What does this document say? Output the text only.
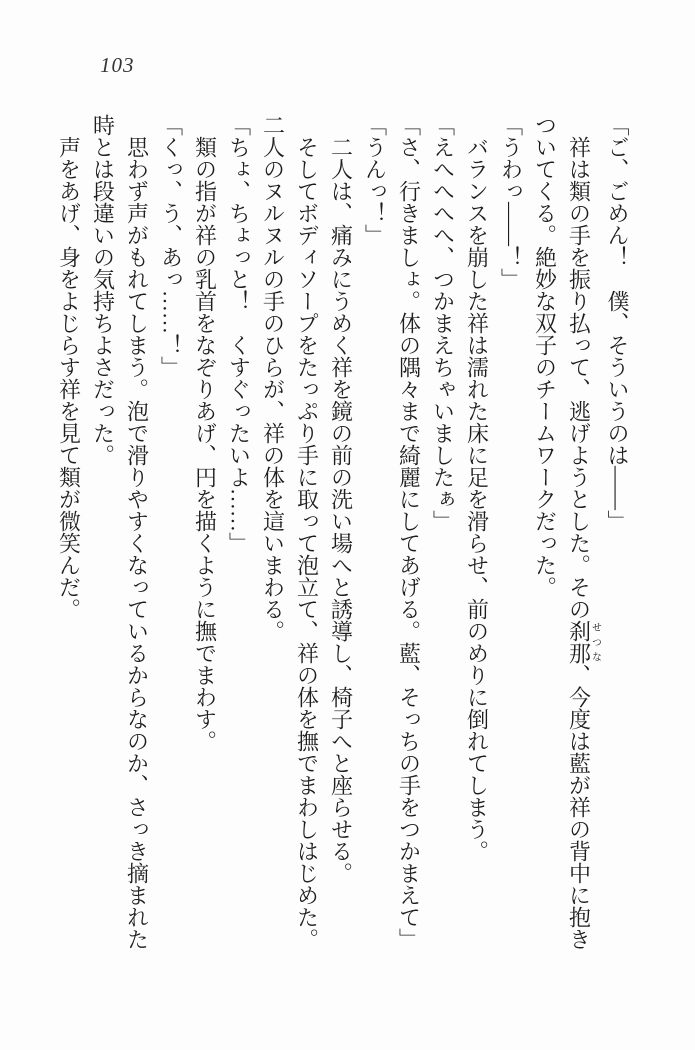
103

「ご、ごめん！　僕、そういうのは――」

祥は類の手を振り払って、逃げようとした。その刹那せつな、今度は藍が祥の背中に抱きついてくる。絶妙な双子のチームワークだった。

「うわっ――！」

バランスを崩した祥は濡れた床に足を滑らせ、前のめりに倒れてしまう。

「えへへへへ、つかまえちゃいましたぁ」

「さ、行きましょ。体の隅々まで綺麗にしてあげる。藍、そっちの手をつかまえて」

「うんっ！」

二人は、痛みにうめく祥を鏡の前の洗い場へと誘導し、椅子へと座らせる。

そしてボディソープをたっぷり手に取って泡立て、祥の体を撫でまわしはじめた。二人のヌルヌルの手のひらが、祥の体を這いまわる。

「ちょ、ちょっと！　くすぐったいよ……」

類の指が祥の乳首をなぞりあげ、円を描くように撫でまわす。

「くっ、う、あっ……！」

思わず声がもれてしまう。泡で滑りやすくなっているからなのか、さっき摘まれた時とは段違いの気持ちよさだった。

声をあげ、身をよじらす祥を見て類が微笑んだ。
